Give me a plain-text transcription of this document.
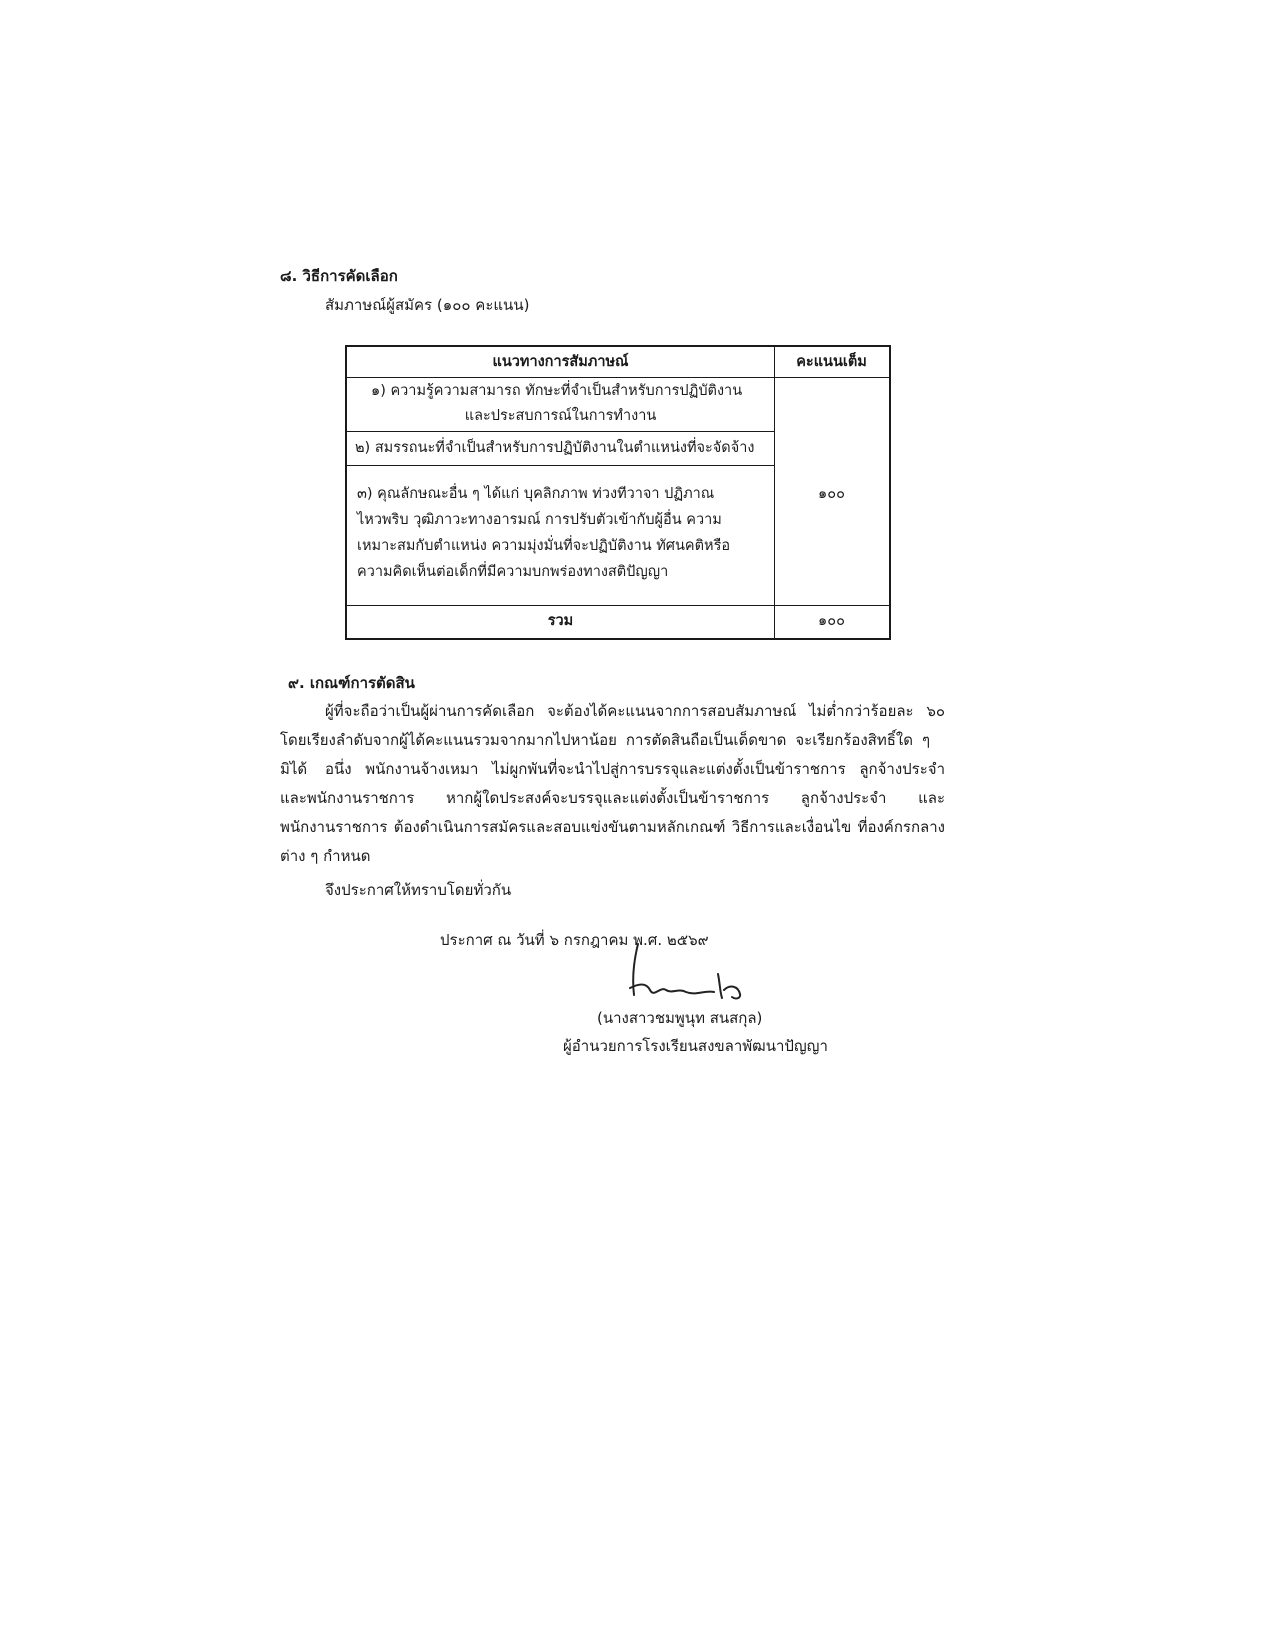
๘. วิธีการคัดเลือก
สัมภาษณ์ผู้สมัคร (๑๐๐ คะแนน)
แนวทางการสัมภาษณ์	คะแนนเต็ม
๑) ความรู้ความสามารถ ทักษะที่จำเป็นสำหรับการปฏิบัติงาน
และประสบการณ์ในการทำงาน
๒) สมรรถนะที่จำเป็นสำหรับการปฏิบัติงานในตำแหน่งที่จะจัดจ้าง
๓) คุณลักษณะอื่น ๆ ได้แก่ บุคลิกภาพ ท่วงทีวาจา ปฏิภาณ
ไหวพริบ วุฒิภาวะทางอารมณ์ การปรับตัวเข้ากับผู้อื่น ความ
เหมาะสมกับตำแหน่ง ความมุ่งมั่นที่จะปฏิบัติงาน ทัศนคติหรือ
ความคิดเห็นต่อเด็กที่มีความบกพร่องทางสติปัญญา
๑๐๐
รวม	๑๐๐
๙. เกณฑ์การตัดสิน
ผู้ที่จะถือว่าเป็นผู้ผ่านการคัดเลือก จะต้องได้คะแนนจากการสอบสัมภาษณ์ ไม่ต่ำกว่าร้อยละ ๖๐
โดยเรียงลำดับจากผู้ได้คะแนนรวมจากมากไปหาน้อย การตัดสินถือเป็นเด็ดขาด จะเรียกร้องสิทธิ์ใด ๆ มิได้	อนึ่ง พนักงานจ้างเหมา ไม่ผูกพันที่จะนำไปสู่การบรรจุและแต่งตั้งเป็นข้าราชการ ลูกจ้างประจำ
และพนักงานราชการ หากผู้ใดประสงค์จะบรรจุและแต่งตั้งเป็นข้าราชการ ลูกจ้างประจำ และ
พนักงานราชการ ต้องดำเนินการสมัครและสอบแข่งขันตามหลักเกณฑ์ วิธีการและเงื่อนไข ที่องค์กรกลาง
ต่าง ๆ กำหนด
จึงประกาศให้ทราบโดยทั่วกัน
ประกาศ ณ วันที่ ๖ กรกฎาคม พ.ศ. ๒๕๖๙
(นางสาวชมพูนุท สนสกุล)
ผู้อำนวยการโรงเรียนสงขลาพัฒนาปัญญา
